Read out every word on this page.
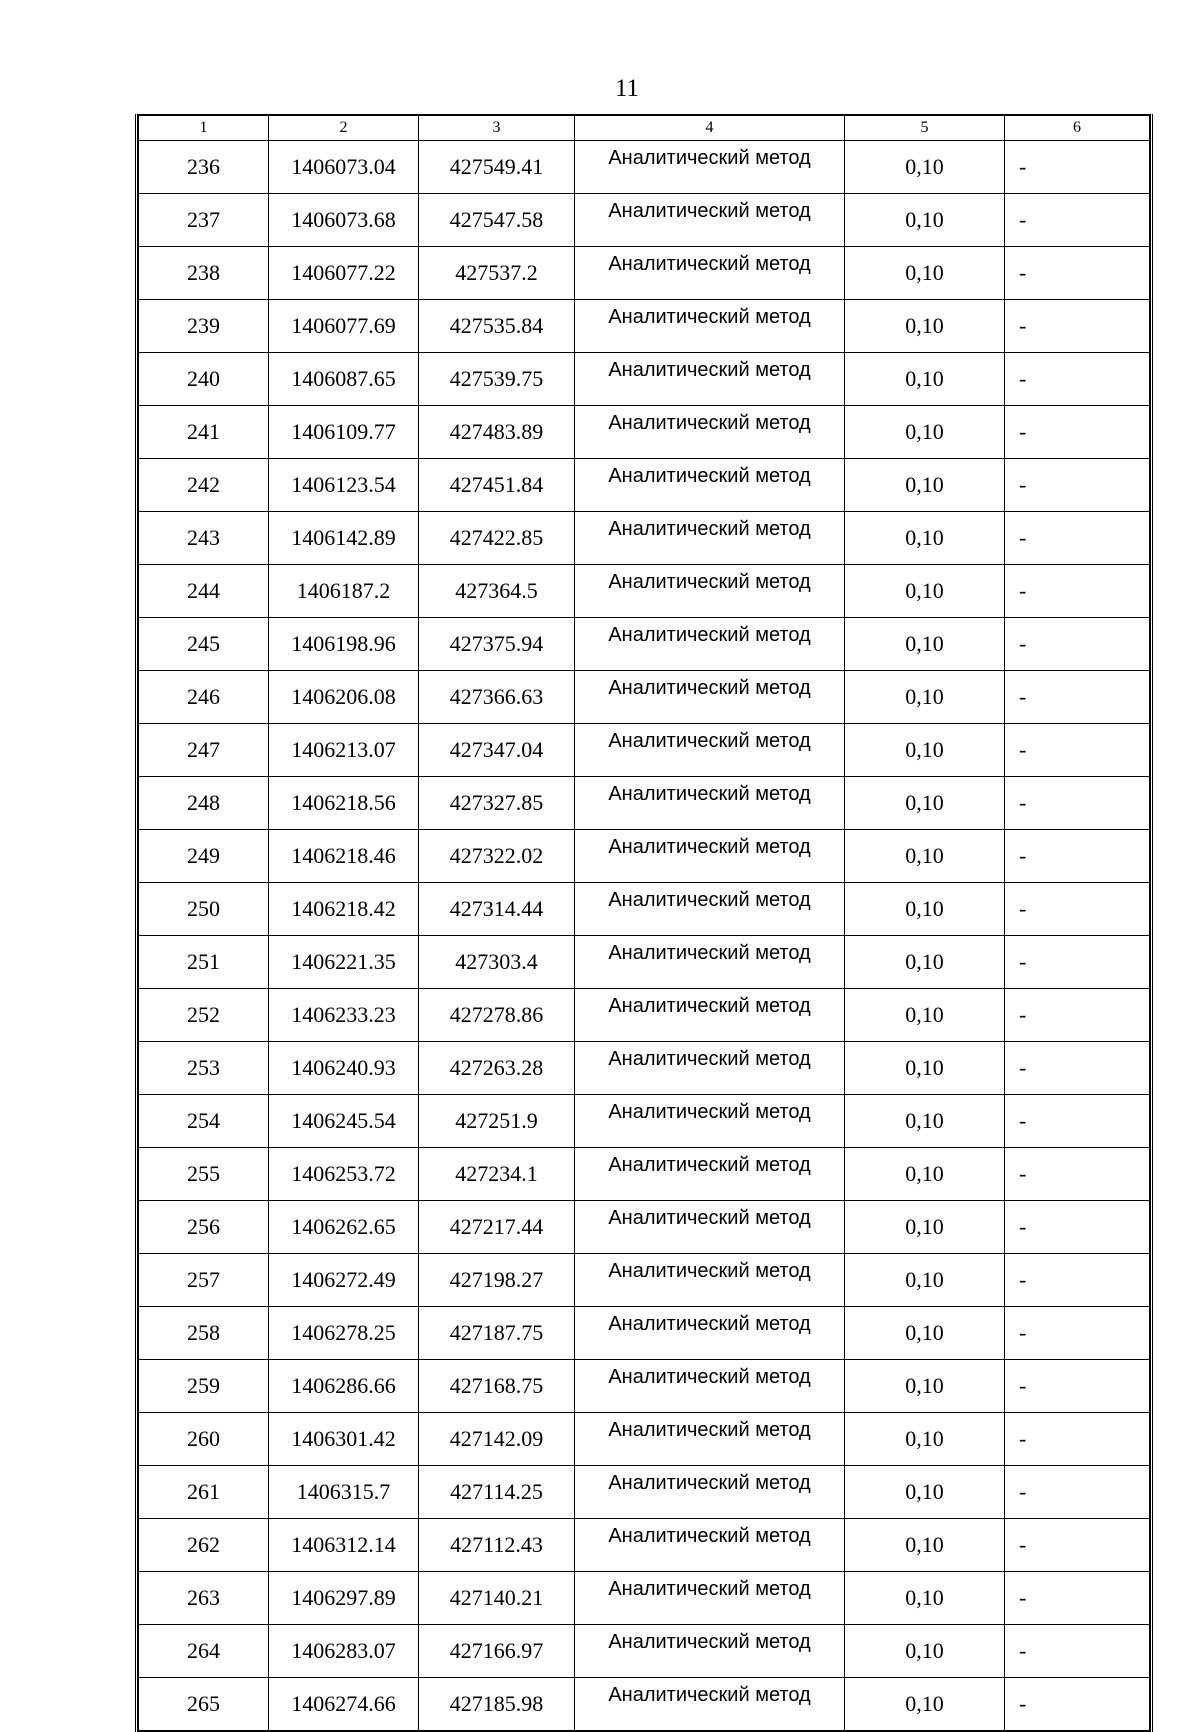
11
1	2	3	4	5	6
236	1406073.04	427549.41	Аналитический метод	0,10	-
237	1406073.68	427547.58	Аналитический метод	0,10	-
238	1406077.22	427537.2	Аналитический метод	0,10	-
239	1406077.69	427535.84	Аналитический метод	0,10	-
240	1406087.65	427539.75	Аналитический метод	0,10	-
241	1406109.77	427483.89	Аналитический метод	0,10	-
242	1406123.54	427451.84	Аналитический метод	0,10	-
243	1406142.89	427422.85	Аналитический метод	0,10	-
244	1406187.2	427364.5	Аналитический метод	0,10	-
245	1406198.96	427375.94	Аналитический метод	0,10	-
246	1406206.08	427366.63	Аналитический метод	0,10	-
247	1406213.07	427347.04	Аналитический метод	0,10	-
248	1406218.56	427327.85	Аналитический метод	0,10	-
249	1406218.46	427322.02	Аналитический метод	0,10	-
250	1406218.42	427314.44	Аналитический метод	0,10	-
251	1406221.35	427303.4	Аналитический метод	0,10	-
252	1406233.23	427278.86	Аналитический метод	0,10	-
253	1406240.93	427263.28	Аналитический метод	0,10	-
254	1406245.54	427251.9	Аналитический метод	0,10	-
255	1406253.72	427234.1	Аналитический метод	0,10	-
256	1406262.65	427217.44	Аналитический метод	0,10	-
257	1406272.49	427198.27	Аналитический метод	0,10	-
258	1406278.25	427187.75	Аналитический метод	0,10	-
259	1406286.66	427168.75	Аналитический метод	0,10	-
260	1406301.42	427142.09	Аналитический метод	0,10	-
261	1406315.7	427114.25	Аналитический метод	0,10	-
262	1406312.14	427112.43	Аналитический метод	0,10	-
263	1406297.89	427140.21	Аналитический метод	0,10	-
264	1406283.07	427166.97	Аналитический метод	0,10	-
265	1406274.66	427185.98	Аналитический метод	0,10	-
